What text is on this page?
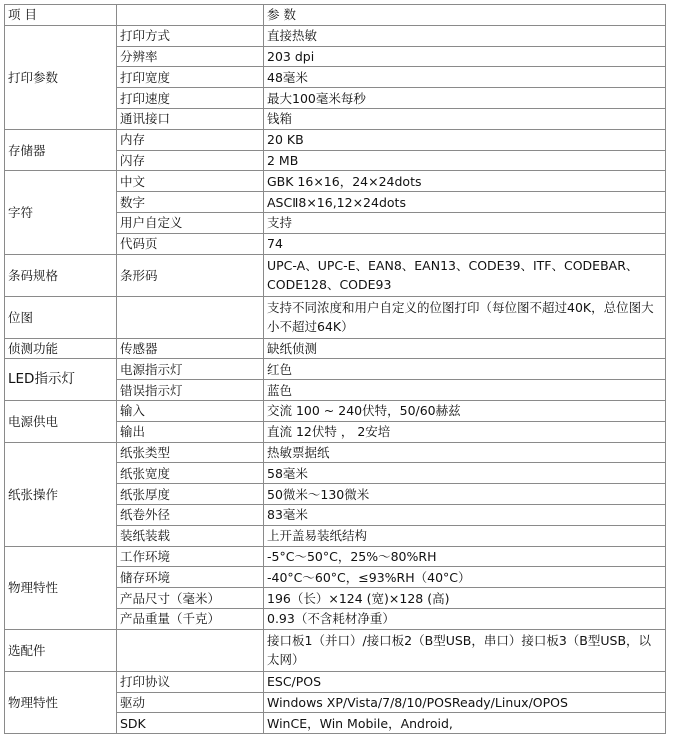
项 目		参 数
打印参数	打印方式	直接热敏
	分辨率	203 dpi
	打印宽度	48毫米
	打印速度	最大100毫米每秒
	通讯接口	钱箱
存储器	内存	20 KB
	闪存	2 MB
字符	中文	GBK 16×16，24×24dots
	数字	ASCⅡ8×16,12×24dots
	用户自定义	支持
	代码页	74
条码规格	条形码	UPC-A、UPC-E、EAN8、EAN13、CODE39、ITF、CODEBAR、CODE128、CODE93
位图		支持不同浓度和用户自定义的位图打印（每位图不超过40K，总位图大小不超过64K）
侦测功能	传感器	缺纸侦测
LED指示灯	电源指示灯	红色
	错误指示灯	蓝色
电源供电	输入	交流 100 ~ 240伏特，50/60赫兹
	输出	直流 12伏特 ， 2安培
纸张操作	纸张类型	热敏票据纸
	纸张宽度	58毫米
	纸张厚度	50微米～130微米
	纸卷外径	83毫米
	装纸装载	上开盖易装纸结构
物理特性	工作环境	-5°C～50°C，25%～80%RH
	储存环境	-40°C～60°C，≤93%RH（40°C）
	产品尺寸（毫米）	196（长）×124 (宽)×128 (高)
	产品重量（千克）	0.93（不含耗材净重）
选配件		接口板1（并口）/接口板2（B型USB，串口）接口板3（B型USB，以太网）
物理特性	打印协议	ESC/POS
	驱动	Windows XP/Vista/7/8/10/POSReady/Linux/OPOS
	SDK	WinCE，Win Mobile，Android,
